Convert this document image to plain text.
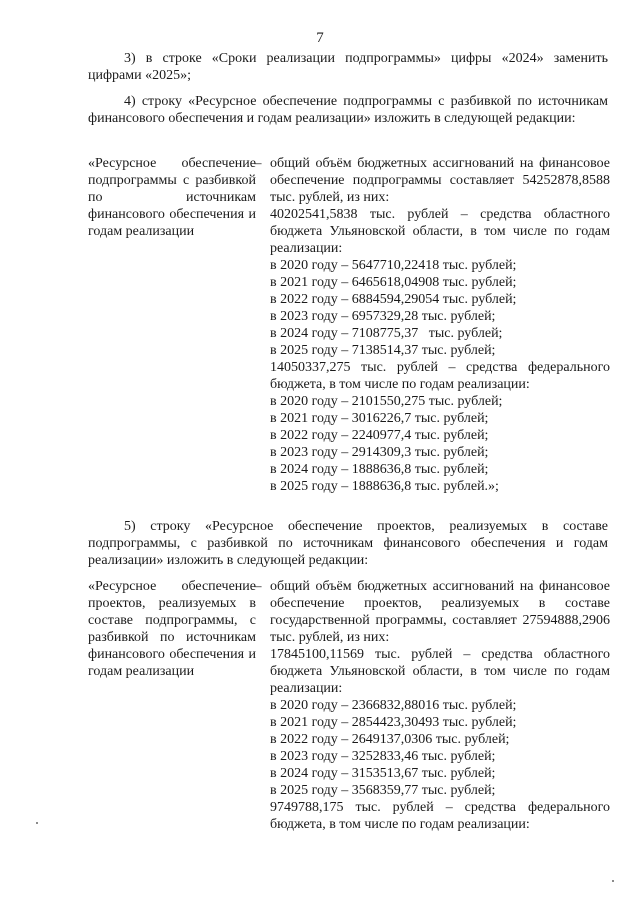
7
3) в строке «Сроки реализации подпрограммы» цифры «2024» заменить цифрами «2025»;
4) строку «Ресурсное обеспечение подпрограммы с разбивкой по источникам финансового обеспечения и годам реализации» изложить в следующей редакции:
«Ресурсное обеспечение подпрограммы с разбивкой по источникам финансового обеспечения и годам реализации
– общий объём бюджетных ассигнований на финансовое обеспечение подпрограммы составляет 54252878,8588 тыс. рублей, из них:
40202541,5838 тыс. рублей – средства областного бюджета Ульяновской области, в том числе по годам реализации:
в 2020 году – 5647710,22418 тыс. рублей;
в 2021 году – 6465618,04908 тыс. рублей;
в 2022 году – 6884594,29054 тыс. рублей;
в 2023 году – 6957329,28 тыс. рублей;
в 2024 году – 7108775,37   тыс. рублей;
в 2025 году – 7138514,37 тыс. рублей;
14050337,275 тыс. рублей – средства федерального бюджета, в том числе по годам реализации:
в 2020 году – 2101550,275 тыс. рублей;
в 2021 году – 3016226,7 тыс. рублей;
в 2022 году – 2240977,4 тыс. рублей;
в 2023 году – 2914309,3 тыс. рублей;
в 2024 году – 1888636,8 тыс. рублей;
в 2025 году – 1888636,8 тыс. рублей.»;
5) строку «Ресурсное обеспечение проектов, реализуемых в составе подпрограммы, с разбивкой по источникам финансового обеспечения и годам реализации» изложить в следующей редакции:
«Ресурсное обеспечение проектов, реализуемых в составе подпрограммы, с разбивкой по источникам финансового обеспечения и годам реализации
– общий объём бюджетных ассигнований на финансовое обеспечение проектов, реализуемых в составе государственной программы, составляет 27594888,2906 тыс. рублей, из них:
17845100,11569 тыс. рублей – средства областного бюджета Ульяновской области, в том числе по годам реализации:
в 2020 году – 2366832,88016 тыс. рублей;
в 2021 году – 2854423,30493 тыс. рублей;
в 2022 году – 2649137,0306 тыс. рублей;
в 2023 году – 3252833,46 тыс. рублей;
в 2024 году – 3153513,67 тыс. рублей;
в 2025 году – 3568359,77 тыс. рублей;
9749788,175 тыс. рублей – средства федерального бюджета, в том числе по годам реализации:
